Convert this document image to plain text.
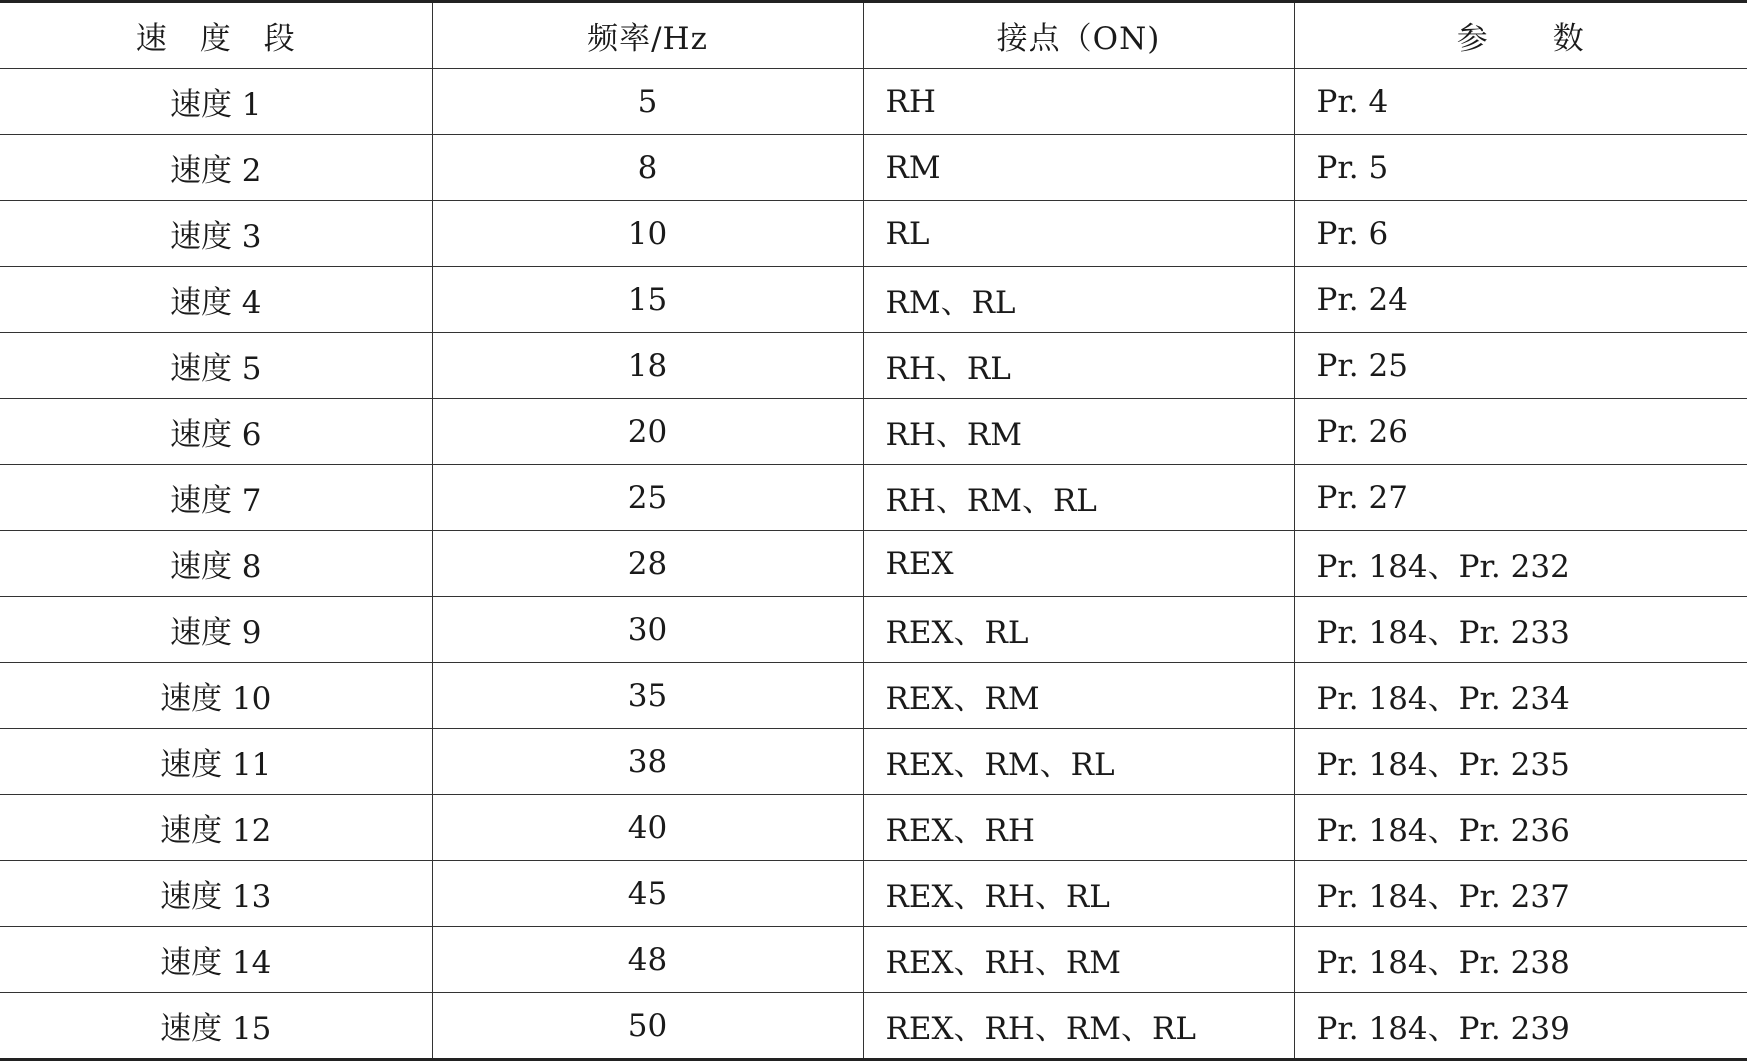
速　度　段	频率/Hz	接点（ON)	参　　数
速度 1	5	RH	Pr. 4
速度 2	8	RM	Pr. 5
速度 3	10	RL	Pr. 6
速度 4	15	RM、RL	Pr. 24
速度 5	18	RH、RL	Pr. 25
速度 6	20	RH、RM	Pr. 26
速度 7	25	RH、RM、RL	Pr. 27
速度 8	28	REX	Pr. 184、Pr. 232
速度 9	30	REX、RL	Pr. 184、Pr. 233
速度 10	35	REX、RM	Pr. 184、Pr. 234
速度 11	38	REX、RM、RL	Pr. 184、Pr. 235
速度 12	40	REX、RH	Pr. 184、Pr. 236
速度 13	45	REX、RH、RL	Pr. 184、Pr. 237
速度 14	48	REX、RH、RM	Pr. 184、Pr. 238
速度 15	50	REX、RH、RM、RL	Pr. 184、Pr. 239
